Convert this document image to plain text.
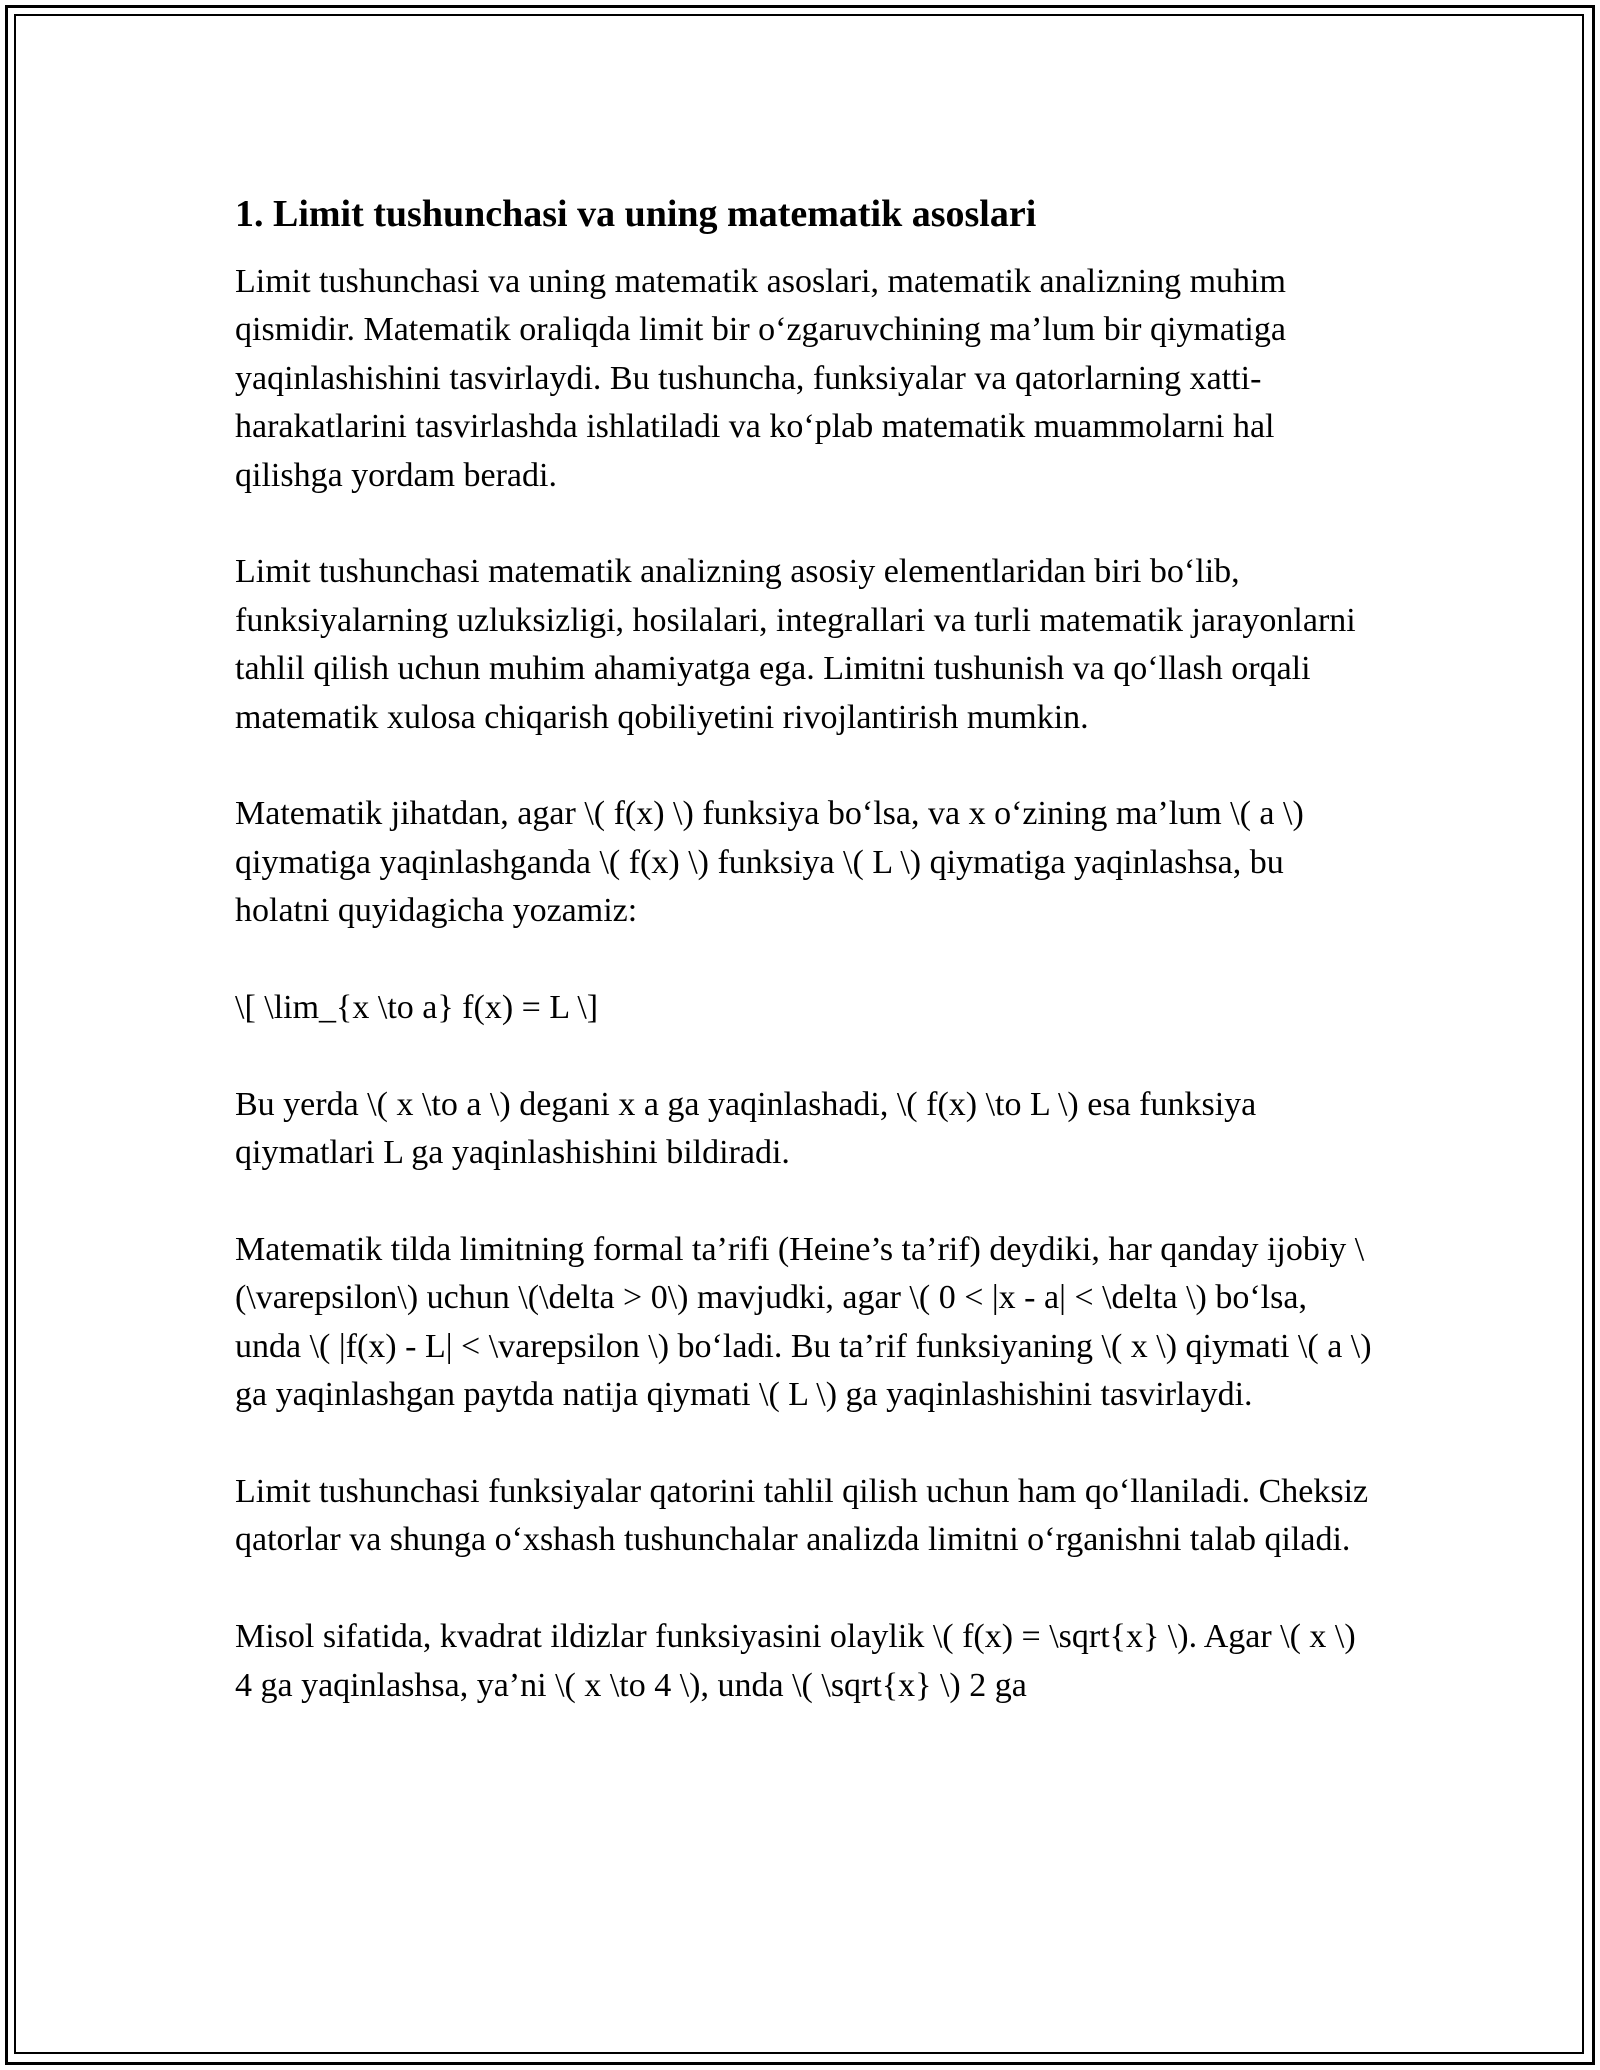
1. Limit tushunchasi va uning matematik asoslari

Limit tushunchasi va uning matematik asoslari, matematik analizning muhim qismidir. Matematik oraliqda limit bir o‘zgaruvchining ma’lum bir qiymatiga yaqinlashishini tasvirlaydi. Bu tushuncha, funksiyalar va qatorlarning xatti-harakatlarini tasvirlashda ishlatiladi va ko‘plab matematik muammolarni hal qilishga yordam beradi.

Limit tushunchasi matematik analizning asosiy elementlaridan biri bo‘lib, funksiyalarning uzluksizligi, hosilalari, integrallari va turli matematik jarayonlarni tahlil qilish uchun muhim ahamiyatga ega. Limitni tushunish va qo‘llash orqali matematik xulosa chiqarish qobiliyetini rivojlantirish mumkin.

Matematik jihatdan, agar \( f(x) \) funksiya bo‘lsa, va x o‘zining ma’lum \( a \) qiymatiga yaqinlashganda \( f(x) \) funksiya \( L \) qiymatiga yaqinlashsa, bu holatni quyidagicha yozamiz:

\[ \lim_{x \to a} f(x) = L \]

Bu yerda \( x \to a \) degani x a ga yaqinlashadi, \( f(x) \to L \) esa funksiya qiymatlari L ga yaqinlashishini bildiradi.

Matematik tilda limitning formal ta’rifi (Heine’s ta’rif) deydiki, har qanday ijobiy \(\varepsilon\) uchun \(\delta > 0\) mavjudki, agar \( 0 < |x - a| < \delta \) bo‘lsa, unda \( |f(x) - L| < \varepsilon \) bo‘ladi. Bu ta’rif funksiyaning \( x \) qiymati \( a \) ga yaqinlashgan paytda natija qiymati \( L \) ga yaqinlashishini tasvirlaydi.

Limit tushunchasi funksiyalar qatorini tahlil qilish uchun ham qo‘llaniladi. Cheksiz qatorlar va shunga o‘xshash tushunchalar analizda limitni o‘rganishni talab qiladi.

Misol sifatida, kvadrat ildizlar funksiyasini olaylik \( f(x) = \sqrt{x} \). Agar \( x \) 4 ga yaqinlashsa, ya’ni \( x \to 4 \), unda \( \sqrt{x} \) 2 ga
